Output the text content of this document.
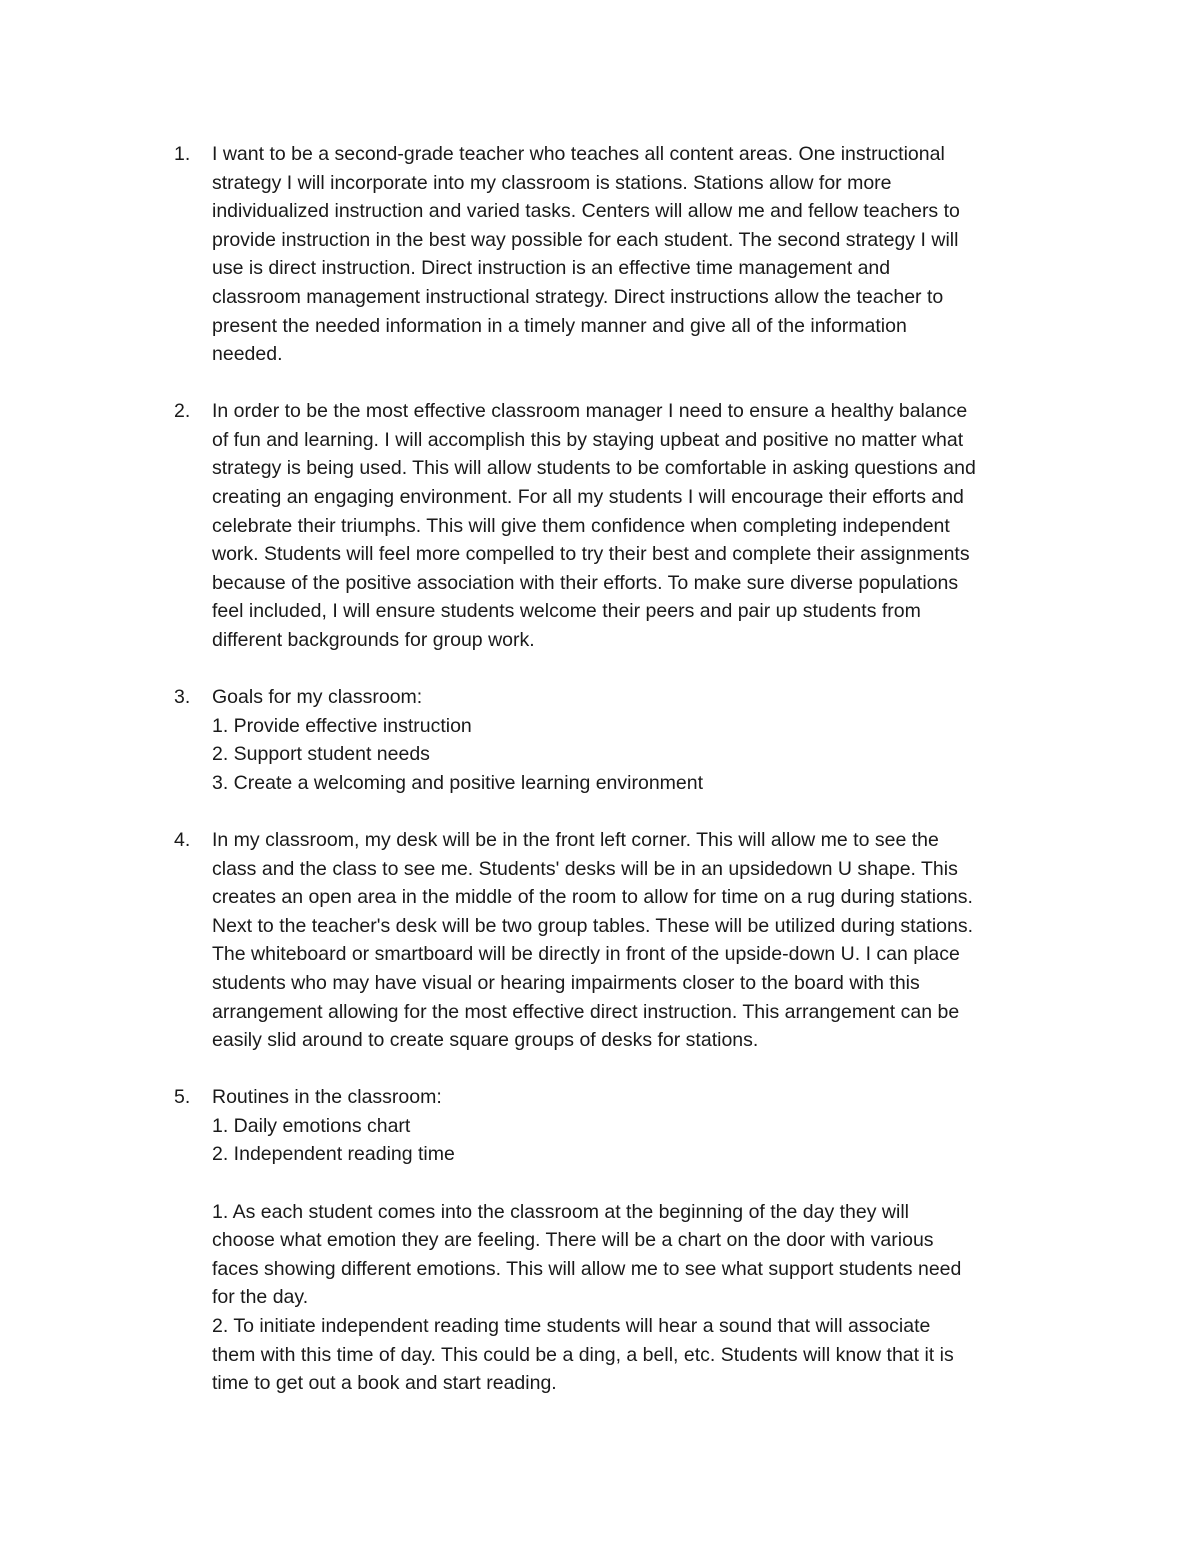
1.	I want to be a second-grade teacher who teaches all content areas. One instructional
strategy I will incorporate into my classroom is stations. Stations allow for more
individualized instruction and varied tasks. Centers will allow me and fellow teachers to
provide instruction in the best way possible for each student. The second strategy I will
use is direct instruction. Direct instruction is an effective time management and
classroom management instructional strategy. Direct instructions allow the teacher to
present the needed information in a timely manner and give all of the information
needed.
2.	In order to be the most effective classroom manager I need to ensure a healthy balance
of fun and learning. I will accomplish this by staying upbeat and positive no matter what
strategy is being used. This will allow students to be comfortable in asking questions and
creating an engaging environment. For all my students I will encourage their efforts and
celebrate their triumphs. This will give them confidence when completing independent
work. Students will feel more compelled to try their best and complete their assignments
because of the positive association with their efforts. To make sure diverse populations
feel included, I will ensure students welcome their peers and pair up students from
different backgrounds for group work.
3.	Goals for my classroom:
1. Provide effective instruction
2. Support student needs
3. Create a welcoming and positive learning environment
4.	In my classroom, my desk will be in the front left corner. This will allow me to see the
class and the class to see me. Students' desks will be in an upsidedown U shape. This
creates an open area in the middle of the room to allow for time on a rug during stations.
Next to the teacher's desk will be two group tables. These will be utilized during stations.
The whiteboard or smartboard will be directly in front of the upside-down U. I can place
students who may have visual or hearing impairments closer to the board with this
arrangement allowing for the most effective direct instruction. This arrangement can be
easily slid around to create square groups of desks for stations.
5.	Routines in the classroom:
1. Daily emotions chart
2. Independent reading time
1. As each student comes into the classroom at the beginning of the day they will
choose what emotion they are feeling. There will be a chart on the door with various
faces showing different emotions. This will allow me to see what support students need
for the day.
2. To initiate independent reading time students will hear a sound that will associate
them with this time of day. This could be a ding, a bell, etc. Students will know that it is
time to get out a book and start reading.
